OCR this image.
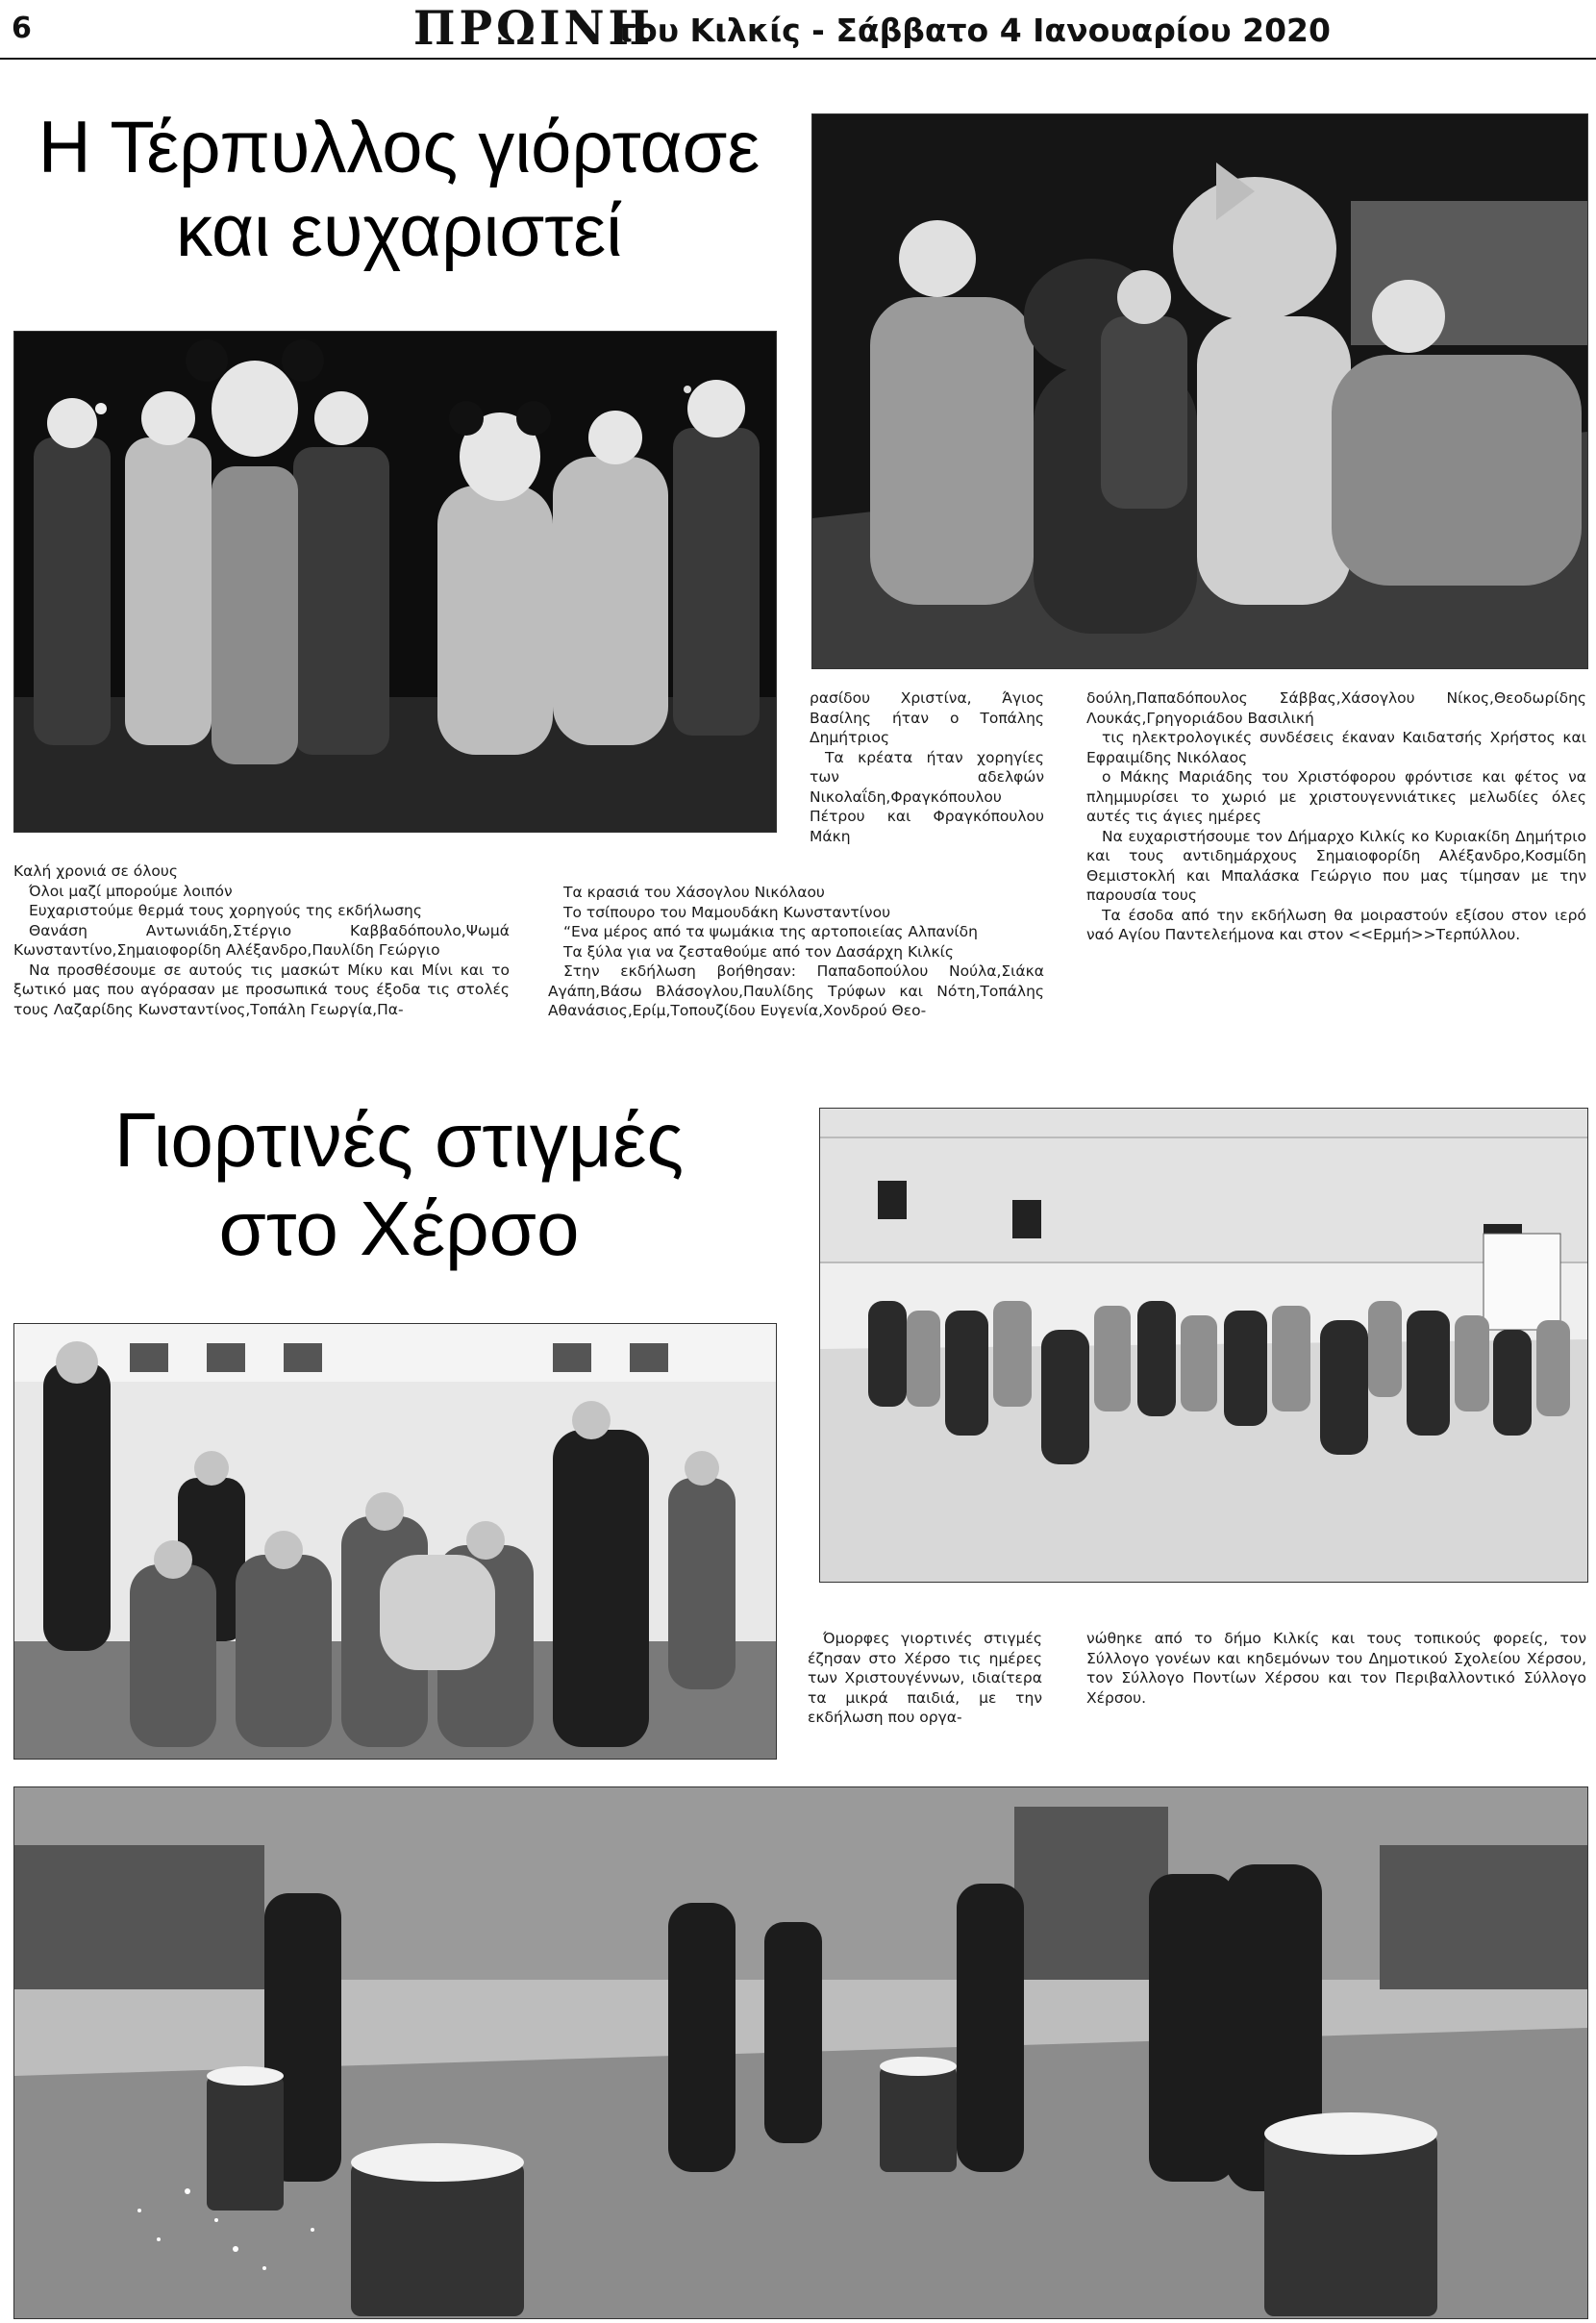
6	ΠΡΩΙΝΗ
του Κιλκίς - Σάββατο 4 Ιανουαρίου 2020
Η Τέρπυλλος γιόρτασε
και ευχαριστεί

Καλή χρονιά σε όλους

Όλοι μαζί μπορούμε λοιπόν

Ευχαριστούμε θερμά τους χορηγούς της εκδήλωσης

Θανάση Αντωνιάδη,Στέργιο Καββαδόπουλο,Ψωμά Κωνσταντίνο,Σημαιοφορίδη Αλέξανδρο,Παυλίδη Γεώργιο

Να προσθέσουμε σε αυτούς τις μασκώτ Μίκυ και Μίνι και το ξωτικό μας που αγόρασαν με προσωπικά τους έξοδα τις στολές τους Λαζαρίδης Κωνσταντίνος,Τοπάλη Γεωργία,Πα-

ρασίδου Χριστίνα, Άγιος Βασίλης ήταν ο Τοπάλης Δημήτριος

Τα κρέατα ήταν χορηγίες των αδελφών Νικολαΐδη,Φραγκόπουλου Πέτρου και Φραγκόπουλου Μάκη

Τα κρασιά του Χάσογλου Νικόλαου

Το τσίπουρο του Μαμουδάκη Κωνσταντίνου

“Ενα μέρος από τα ψωμάκια της αρτοποιείας Αλπανίδη

Τα ξύλα για να ζεσταθούμε από τον Δασάρχη Κιλκίς

Στην εκδήλωση βοήθησαν: Παπαδοπούλου Νούλα,Σιάκα Αγάπη,Βάσω Βλάσογλου,Παυλίδης Τρύφων και Νότη,Τοπάλης Αθανάσιος,Ερίμ,Τοπουζίδου Ευγενία,Χονδρού Θεο-

δούλη,Παπαδόπουλος Σάββας,Χάσογλου Νίκος,Θεοδωρίδης Λουκάς,Γρηγοριάδου Βασιλική

τις ηλεκτρολογικές συνδέσεις έκαναν Καιδατσής Χρήστος και Εφραιμίδης Νικόλαος

ο Μάκης Μαριάδης του Χριστόφορου φρόντισε και φέτος να πλημμυρίσει το χωριό με χριστουγεννιάτικες μελωδίες όλες αυτές τις άγιες ημέρες

Να ευχαριστήσουμε τον Δήμαρχο Κιλκίς κο Κυριακίδη Δημήτριο και τους αντιδημάρχους Σημαιοφορίδη Αλέξανδρο,Κοσμίδη Θεμιστοκλή και Μπαλάσκα Γεώργιο που μας τίμησαν με την παρουσία τους

Τα έσοδα από την εκδήλωση θα μοιραστούν εξίσου στον ιερό ναό Αγίου Παντελεήμονα και στον <<Ερμή>>Τερπύλλου.

Γιορτινές στιγμές
στο Χέρσο

Όμορφες γιορτινές στιγμές έζησαν στο Χέρσο τις ημέρες των Χριστουγέννων, ιδιαίτερα τα μικρά παιδιά, με την εκδήλωση που οργα-

νώθηκε από το δήμο Κιλκίς και τους τοπικούς φορείς, τον Σύλλογο γονέων και κηδεμόνων του Δημοτικού Σχολείου Χέρσου, τον Σύλλογο Ποντίων Χέρσου και τον Περιβαλλοντικό Σύλλογο Χέρσου.
